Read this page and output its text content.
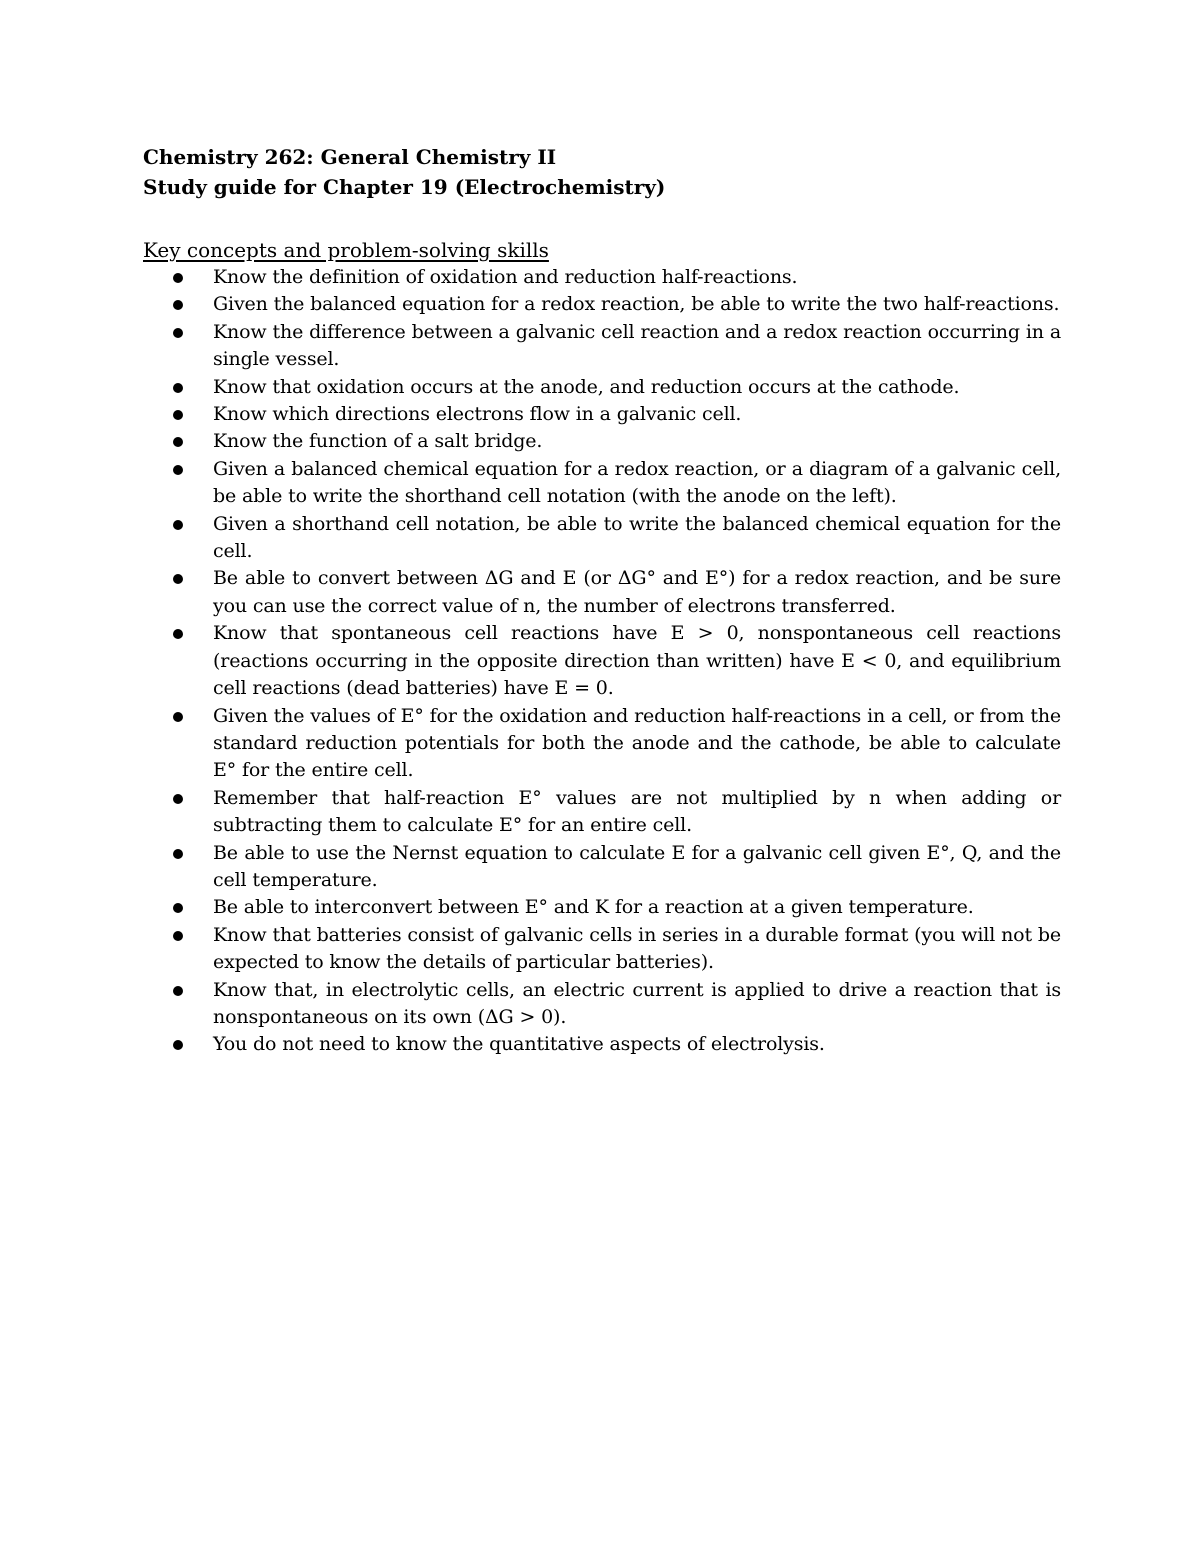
Chemistry 262: General Chemistry II
Study guide for Chapter 19 (Electrochemistry)
Key concepts and problem-solving skills
Know the definition of oxidation and reduction half-reactions.
Given the balanced equation for a redox reaction, be able to write the two half-reactions.
Know the difference between a galvanic cell reaction and a redox reaction occurring in a single vessel.
Know that oxidation occurs at the anode, and reduction occurs at the cathode.
Know which directions electrons flow in a galvanic cell.
Know the function of a salt bridge.
Given a balanced chemical equation for a redox reaction, or a diagram of a galvanic cell, be able to write the shorthand cell notation (with the anode on the left).
Given a shorthand cell notation, be able to write the balanced chemical equation for the cell.
Be able to convert between ΔG and E (or ΔG° and E°) for a redox reaction, and be sure you can use the correct value of n, the number of electrons transferred.
Know that spontaneous cell reactions have E > 0, nonspontaneous cell reactions (reactions occurring in the opposite direction than written) have E < 0, and equilibrium cell reactions (dead batteries) have E = 0.
Given the values of E° for the oxidation and reduction half-reactions in a cell, or from the standard reduction potentials for both the anode and the cathode, be able to calculate E° for the entire cell.
Remember that half-reaction E° values are not multiplied by n when adding or subtracting them to calculate E° for an entire cell.
Be able to use the Nernst equation to calculate E for a galvanic cell given E°, Q, and the cell temperature.
Be able to interconvert between E° and K for a reaction at a given temperature.
Know that batteries consist of galvanic cells in series in a durable format (you will not be expected to know the details of particular batteries).
Know that, in electrolytic cells, an electric current is applied to drive a reaction that is nonspontaneous on its own (ΔG > 0).
You do not need to know the quantitative aspects of electrolysis.
